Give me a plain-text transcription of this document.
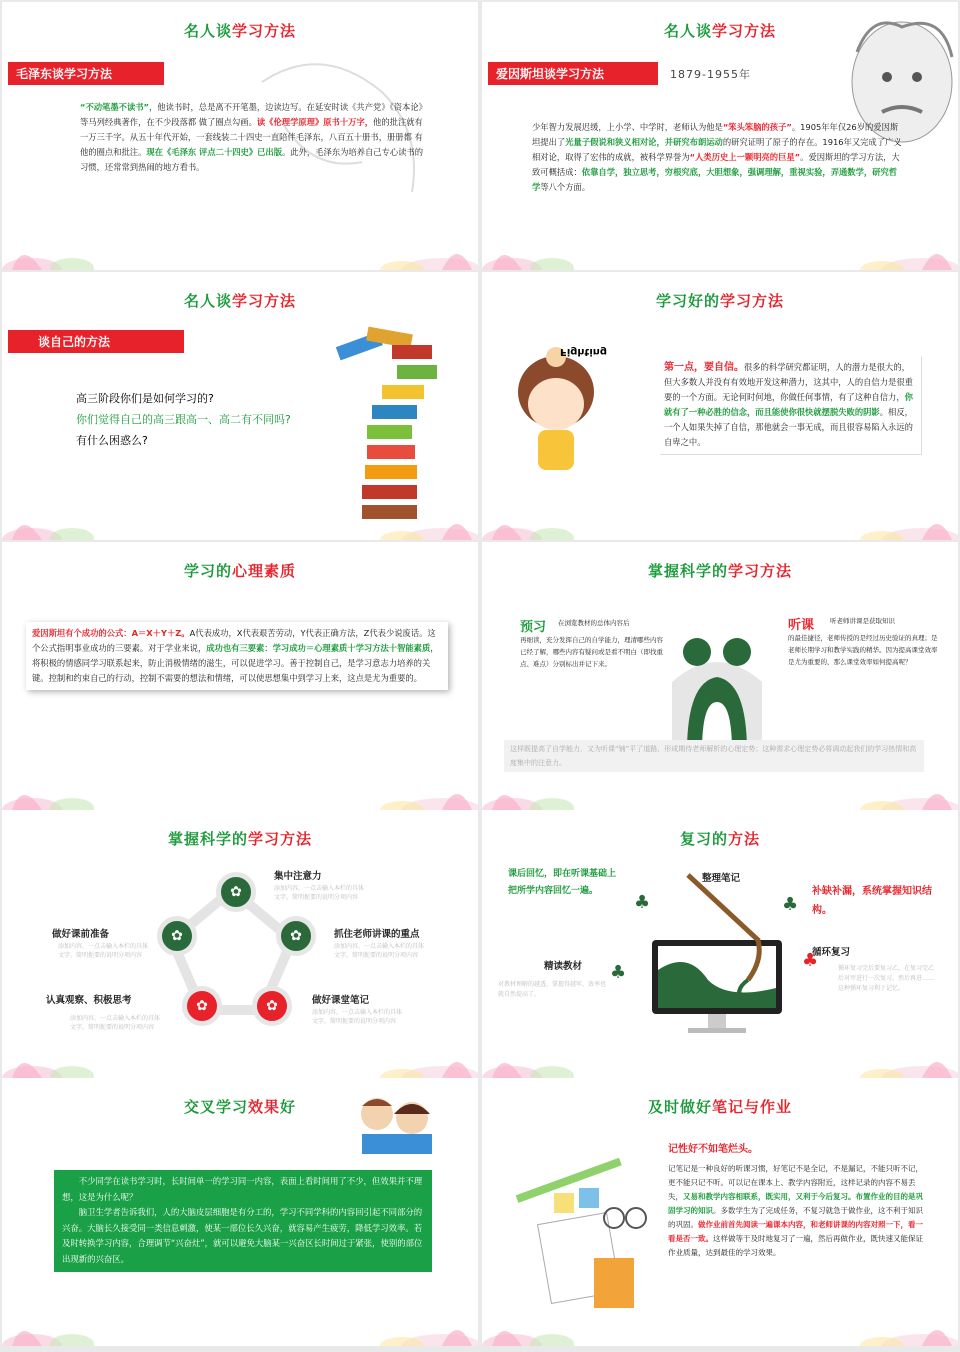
名人谈学习方法
毛泽东谈学习方法
“不动笔墨不读书”，他读书时，总是离不开笔墨，边读边写。在延安时读《共产党》《资本论》等马列经典著作，在不少段落都 做了圈点勾画。读《伦理学原理》原书十万字，他的批注就有一万三千字。从五十年代开始，一套线装二十四史一直陪伴毛泽东，八百五十册书，册册都 有他的圈点和批注。现在《毛泽东 评点二十四史》已出版。此外，毛泽东为培养自己专心读书的习惯，还常常到热闹的地方看书。
名人谈学习方法
爱因斯坦谈学习方法	1879-1955年
少年智力发展迟缓，上小学、中学时，老师认为他是“笨头笨脑的孩子”。1905年年仅26岁的爱因斯坦提出了光量子假说和狭义相对论，并研究布朗运动的研究证明了原子的存在。1916年又完成了广义相对论，取得了宏伟的成就，被科学界誉为“人类历史上一颗明亮的巨星”。爱因斯坦的学习方法，大致可概括成：依靠自学，独立思考，穷根究底，大胆想象，强调理解，重视实验，弄通数学，研究哲学等八个方面。
名人谈学习方法
谈自己的方法
高三阶段你们是如何学习的?
你们觉得自己的高三跟高一、高二有不同吗?
有什么困惑么?
学习好的学习方法
Fighting
第一点，要自信。很多的科学研究都证明，人的潜力是很大的，但大多数人并没有有效地开发这种潜力，这其中，人的自信力是很重要的一个方面。无论何时何地，你做任何事情，有了这种自信力，你就有了一种必胜的信念，而且能使你很快就摆脱失败的阴影。相反，一个人如果失掉了自信，那他就会一事无成，而且很容易陷入永远的自卑之中。
学习的心理素质
爱因斯坦有个成功的公式：A＝X＋Y＋Z。A代表成功，X代表艰苦劳动，Y代表正确方法，Z代表少说废话。这个公式指明事业成功的三要素。对于学业来说，成功也有三要素：学习成功＝心理素质十学习方法十智能素质，将积极的情感同学习联系起来，防止消极情绪的滋生，可以促进学习。善于控制自己，是学习意志力培养的关键。控制和约束自己的行动，控制不需要的想法和情绪，可以使思想集中到学习上来，这点是尤为重要的。
掌握科学的学习方法
预习 在浏览教材的总体内容后
再细读，充分发挥自己的自学能力，理清哪些内容已经了解，哪些内容有疑问或是看不明白（即找重点、难点）分别标出并记下来。
听课 听老师讲课是获取知识
的最佳捷径，老师传授的是经过历史验证的真理；是老师长期学习和教学实践的精华。因为提高课堂效率是尤为重要的，那么课堂效率如何提高呢？
这样既提高了自学能力，又为听课“铺”平了道路，形成期待老师解析的心理定势；这种需求心理定势必将调动起我们的学习热情和高度集中的注意力。
掌握科学的学习方法
✿
✿	✿
✿	✿
集中注意力
添加内容，一点击输入本栏的具体文字，简明扼要的说明分项内容
抓住老师讲课的重点
添加内容，一点击输入本栏的具体文字，简明扼要的说明分项内容
做好课堂笔记
添加内容，一点击输入本栏的具体文字，简明扼要的说明分项内容
认真观察、积极思考
添加内容，一点击输入本栏的具体文字，简明扼要的说明分项内容
做好课前准备
添加内容，一点击输入本栏的具体文字，简明扼要的说明分项内容
复习的方法
课后回忆，即在听课基础上把所学内容回忆一遍。
整理笔记
补缺补漏，系统掌握知识结构。
循环复习
循环复习完后要复习乙，在复习完乙后对甲进行一次复习，然后再进……这种循环复习利于记忆。
精读教材
对教材理解的越透，掌握得越牢，效率也就自然提高了。
♣	♣
♣
♣
交叉学习效果好
不少同学在读书学习时，长时间单一的学习同一内容，表面上看时间用了不少，但效果并不理想，这是为什么呢？
脑卫生学者告诉我们，人的大脑皮层细胞是有分工的，学习不同学科的内容回引起不同部分的兴奋。大脑长久接受同一类信息刺激，使某一部位长久兴奋，就容易产生疲劳，降低学习效率。若及时转换学习内容，合理调节“兴奋灶”，就可以避免大脑某一兴奋区长时间过于紧张，使别的部位出现新的兴奋区。
及时做好笔记与作业
记性好不如笔烂头。
记笔记是一种良好的听课习惯，好笔记不是全记，不是漏记，不能只听不记，更不能只记不听。可以记在课本上、教学内容附近，这样记录的内容不易丢失，又易和教学内容相联系，既实用，又利于今后复习。布置作业的目的是巩固学习的知识。多数学生为了完成任务，不复习就急于做作业，这不利于知识的巩固。做作业前首先阅读一遍课本内容，和老师讲课的内容对照一下，看一看是否一致。这样做等于及时地复习了一遍，然后再做作业，既快速又能保证作业质量，达到最佳的学习效果。
